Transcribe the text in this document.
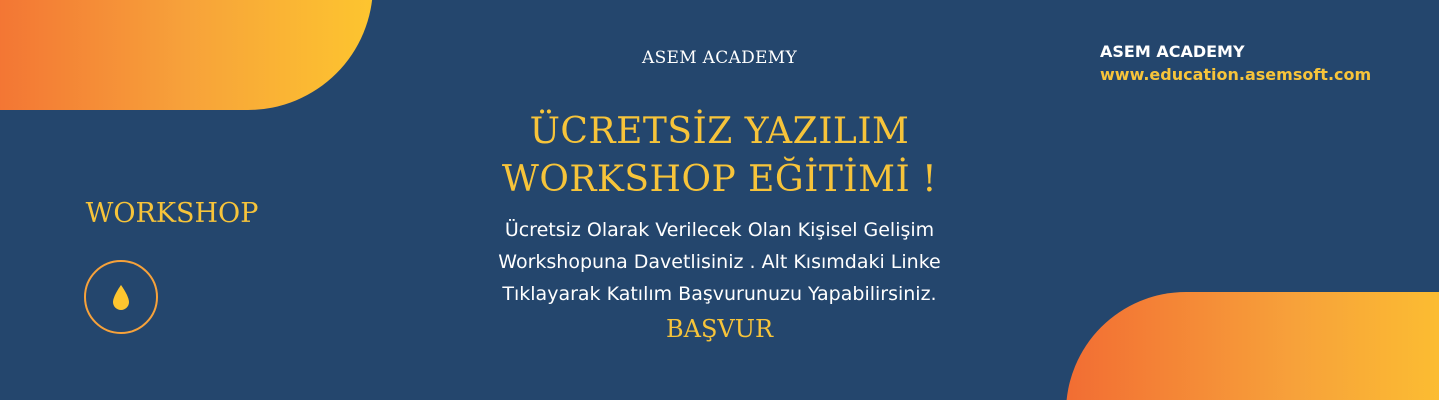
ASEM ACADEMY
ÜCRETSİZ YAZILIM
WORKSHOP EĞİTİMİ !
Ücretsiz Olarak Verilecek Olan Kişisel Gelişim
Workshopuna Davetlisiniz . Alt Kısımdaki Linke
Tıklayarak Katılım Başvurunuzu Yapabilirsiniz.
BAŞVUR
ASEM ACADEMY
www.education.asemsoft.com
WORKSHOP
